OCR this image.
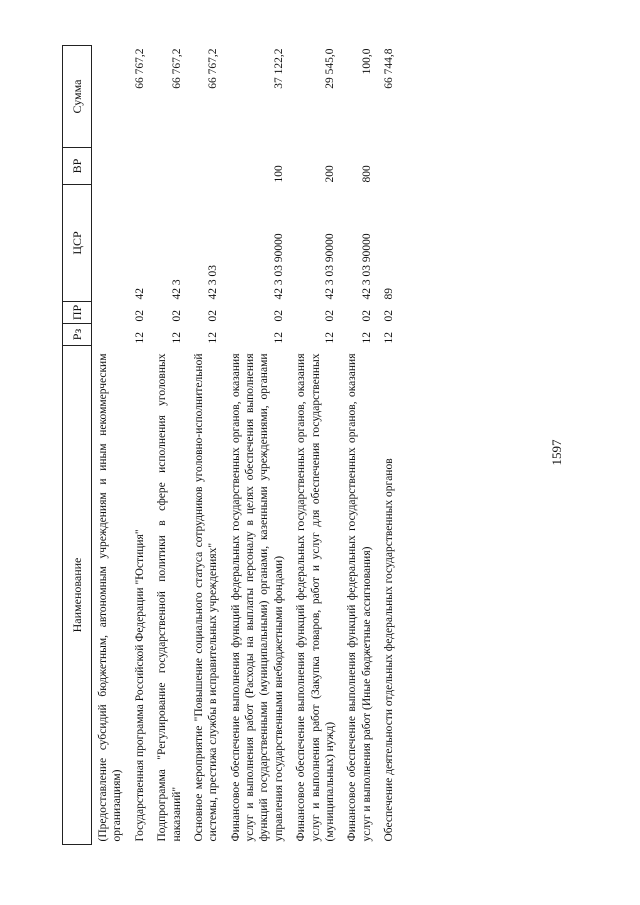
1597
Наименование	Рз	ПР	ЦСР	ВР	Сумма
(Предоставление субсидий бюджетным, автономным учреждениям и иным некоммерческим организациям)					
Государственная программа Российской Федерации "Юстиция"	12	02	42		66 767,2
Подпрограмма "Регулирование государственной политики в сфере исполнения уголовных наказаний"	12	02	42 3		66 767,2
Основное мероприятие "Повышение социального статуса сотрудников уголовно-исполнительной системы, престижа службы в исправительных учреждениях"	12	02	42 3 03		66 767,2
Финансовое обеспечение выполнения функций федеральных государственных органов, оказания услуг и выполнения работ (Расходы на выплаты персоналу в целях обеспечения выполнения функций государственными (муниципальными) органами, казенными учреждениями, органами управления государственными внебюджетными фондами)	12	02	42 3 03 90000	100	37 122,2
Финансовое обеспечение выполнения функций федеральных государственных органов, оказания услуг и выполнения работ (Закупка товаров, работ и услуг для обеспечения государственных (муниципальных) нужд)	12	02	42 3 03 90000	200	29 545,0
Финансовое обеспечение выполнения функций федеральных государственных органов, оказания услуг и выполнения работ (Иные бюджетные ассигнования)	12	02	42 3 03 90000	800	100,0
Обеспечение деятельности отдельных федеральных государственных органов	12	02	89		66 744,8
